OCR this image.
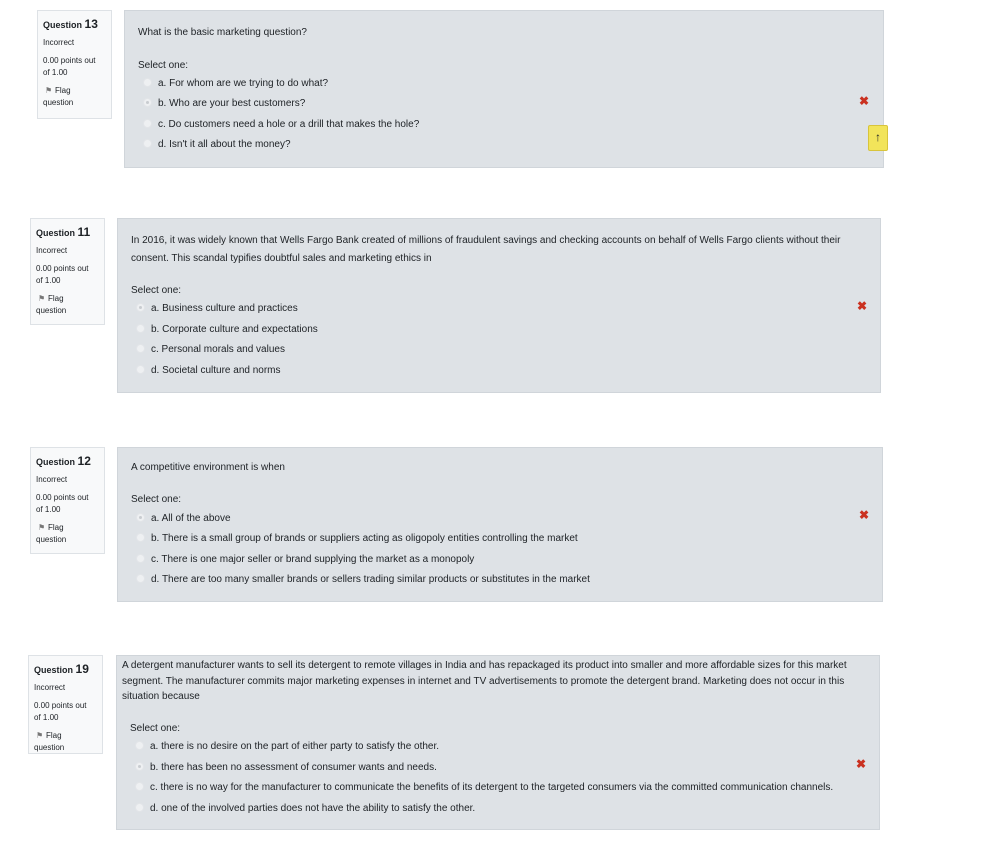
Question 13
Incorrect
0.00 points out
of 1.00
⚑ Flag
question
What is the basic marketing question?
Select one:
a. For whom are we trying to do what?
b. Who are your best customers?
c. Do customers need a hole or a drill that makes the hole?
d. Isn't it all about the money?
✖
↑
Question 11
Incorrect
0.00 points out
of 1.00
⚑ Flag
question
In 2016, it was widely known that Wells Fargo Bank created of millions of fraudulent savings and checking accounts on behalf of Wells Fargo clients without their
consent. This scandal typifies doubtful sales and marketing ethics in
Select one:
a. Business culture and practices
b. Corporate culture and expectations
c. Personal morals and values
d. Societal culture and norms
✖
Question 12
Incorrect
0.00 points out
of 1.00
⚑ Flag
question
A competitive environment is when
Select one:
a. All of the above
b. There is a small group of brands or suppliers acting as oligopoly entities controlling the market
c. There is one major seller or brand supplying the market as a monopoly
d. There are too many smaller brands or sellers trading similar products or substitutes in the market
✖
Question 19
Incorrect
0.00 points out
of 1.00
⚑ Flag
question
A detergent manufacturer wants to sell its detergent to remote villages in India and has repackaged its product into smaller and more affordable sizes for this market
segment. The manufacturer commits major marketing expenses in internet and TV advertisements to promote the detergent brand. Marketing does not occur in this
situation because
Select one:
a. there is no desire on the part of either party to satisfy the other.
b. there has been no assessment of consumer wants and needs.
c. there is no way for the manufacturer to communicate the benefits of its detergent to the targeted consumers via the committed communication channels.
d. one of the involved parties does not have the ability to satisfy the other.
✖
